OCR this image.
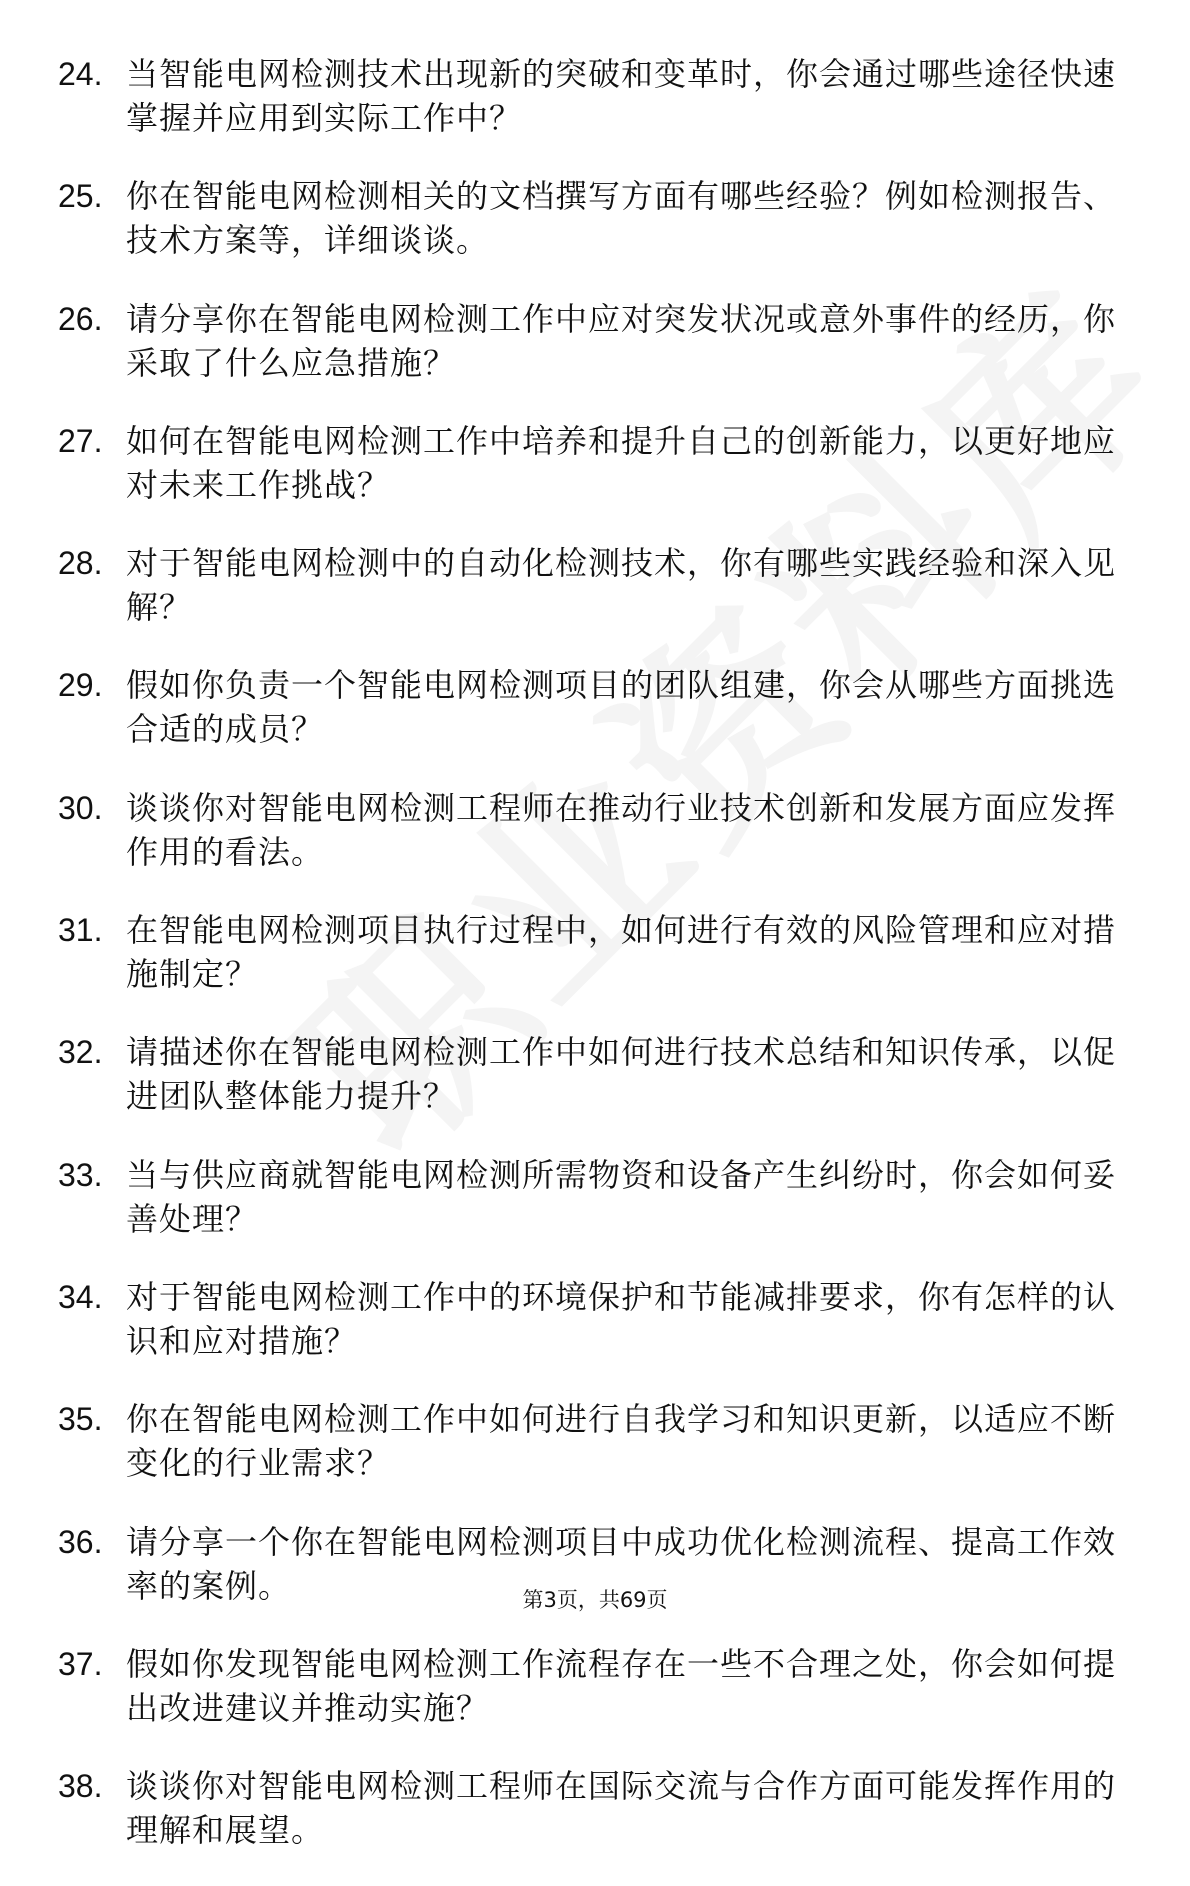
24. 当智能电网检测技术出现新的突破和变革时，你会通过哪些途径快速掌握并应用到实际工作中？
25. 你在智能电网检测相关的文档撰写方面有哪些经验？例如检测报告、技术方案等，详细谈谈。
26. 请分享你在智能电网检测工作中应对突发状况或意外事件的经历，你采取了什么应急措施？
27. 如何在智能电网检测工作中培养和提升自己的创新能力，以更好地应对未来工作挑战？
28. 对于智能电网检测中的自动化检测技术，你有哪些实践经验和深入见解？
29. 假如你负责一个智能电网检测项目的团队组建，你会从哪些方面挑选合适的成员？
30. 谈谈你对智能电网检测工程师在推动行业技术创新和发展方面应发挥作用的看法。
31. 在智能电网检测项目执行过程中，如何进行有效的风险管理和应对措施制定？
32. 请描述你在智能电网检测工作中如何进行技术总结和知识传承，以促进团队整体能力提升？
33. 当与供应商就智能电网检测所需物资和设备产生纠纷时，你会如何妥善处理？
34. 对于智能电网检测工作中的环境保护和节能减排要求，你有怎样的认识和应对措施？
35. 你在智能电网检测工作中如何进行自我学习和知识更新，以适应不断变化的行业需求？
36. 请分享一个你在智能电网检测项目中成功优化检测流程、提高工作效率的案例。
37. 假如你发现智能电网检测工作流程存在一些不合理之处，你会如何提出改进建议并推动实施？
38. 谈谈你对智能电网检测工程师在国际交流与合作方面可能发挥作用的理解和展望。
第3页，共69页
